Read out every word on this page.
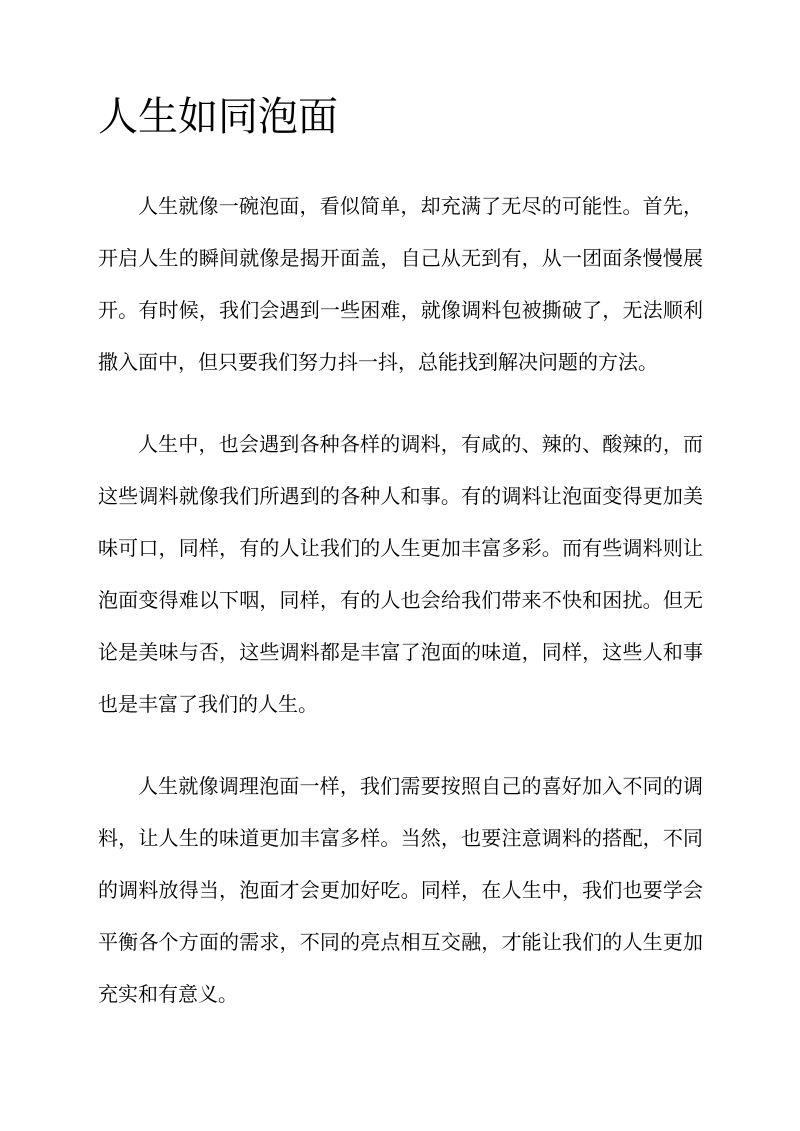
人生如同泡面

人生就像一碗泡面，看似简单，却充满了无尽的可能性。首先，开启人生的瞬间就像是揭开面盖，自己从无到有，从一团面条慢慢展开。有时候，我们会遇到一些困难，就像调料包被撕破了，无法顺利撒入面中，但只要我们努力抖一抖，总能找到解决问题的方法。

人生中，也会遇到各种各样的调料，有咸的、辣的、酸辣的，而这些调料就像我们所遇到的各种人和事。有的调料让泡面变得更加美味可口，同样，有的人让我们的人生更加丰富多彩。而有些调料则让泡面变得难以下咽，同样，有的人也会给我们带来不快和困扰。但无论是美味与否，这些调料都是丰富了泡面的味道，同样，这些人和事也是丰富了我们的人生。

人生就像调理泡面一样，我们需要按照自己的喜好加入不同的调料，让人生的味道更加丰富多样。当然，也要注意调料的搭配，不同的调料放得当，泡面才会更加好吃。同样，在人生中，我们也要学会平衡各个方面的需求，不同的亮点相互交融，才能让我们的人生更加充实和有意义。
